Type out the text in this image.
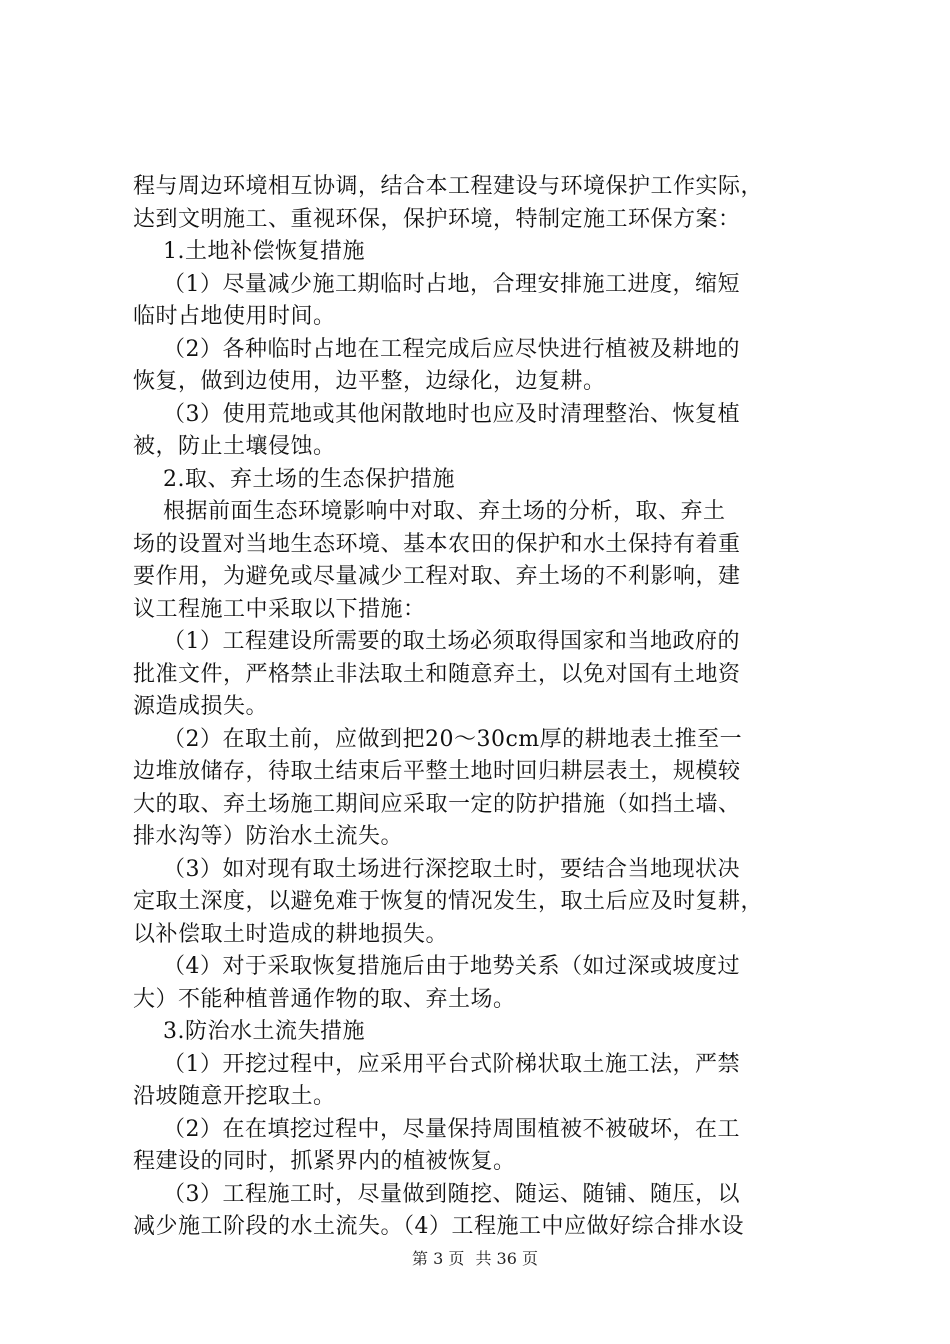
程与周边环境相互协调，结合本工程建设与环境保护工作实际，
达到文明施工、重视环保，保护环境，特制定施工环保方案：
1.土地补偿恢复措施
（1）尽量减少施工期临时占地，合理安排施工进度，缩短
临时占地使用时间。
（2）各种临时占地在工程完成后应尽快进行植被及耕地的
恢复，做到边使用，边平整，边绿化，边复耕。
（3）使用荒地或其他闲散地时也应及时清理整治、恢复植
被，防止土壤侵蚀。
2.取、弃土场的生态保护措施
根据前面生态环境影响中对取、弃土场的分析，取、弃土
场的设置对当地生态环境、基本农田的保护和水土保持有着重
要作用，为避免或尽量减少工程对取、弃土场的不利影响，建
议工程施工中采取以下措施：
（1）工程建设所需要的取土场必须取得国家和当地政府的
批准文件，严格禁止非法取土和随意弃土，以免对国有土地资
源造成损失。
（2）在取土前，应做到把20～30cm厚的耕地表土推至一
边堆放储存，待取土结束后平整土地时回归耕层表土，规模较
大的取、弃土场施工期间应采取一定的防护措施（如挡土墙、
排水沟等）防治水土流失。
（3）如对现有取土场进行深挖取土时，要结合当地现状决
定取土深度，以避免难于恢复的情况发生，取土后应及时复耕，
以补偿取土时造成的耕地损失。
（4）对于采取恢复措施后由于地势关系（如过深或坡度过
大）不能种植普通作物的取、弃土场。
3.防治水土流失措施
（1）开挖过程中，应采用平台式阶梯状取土施工法，严禁
沿坡随意开挖取土。
（2）在在填挖过程中，尽量保持周围植被不被破坏，在工
程建设的同时，抓紧界内的植被恢复。
（3）工程施工时，尽量做到随挖、随运、随铺、随压，以
减少施工阶段的水土流失。（4）工程施工中应做好综合排水设
第 3 页 共 36 页
